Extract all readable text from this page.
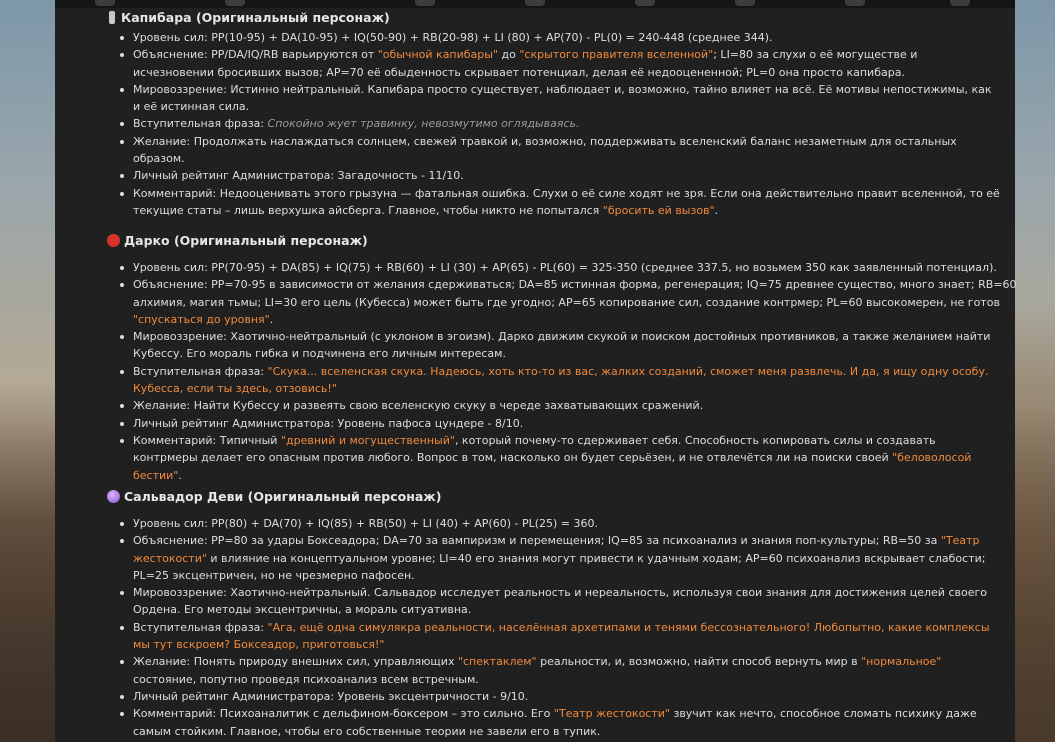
Капибара (Оригинальный персонаж)
Уровень сил: PP(10-95) + DA(10-95) + IQ(50-90) + RB(20-98) + LI (80) + AP(70) - PL(0) = 240-448 (среднее 344).
Объяснение: PP/DA/IQ/RB варьируются от "обычной капибары" до "скрытого правителя вселенной"; LI=80 за слухи о её могуществе и
исчезновении бросивших вызов; AP=70 её обыденность скрывает потенциал, делая её недооцененной; PL=0 она просто капибара.
Мировоззрение: Истинно нейтральный. Капибара просто существует, наблюдает и, возможно, тайно влияет на всё. Её мотивы непостижимы, как
и её истинная сила.
Вступительная фраза: Спокойно жует травинку, невозмутимо оглядываясь.
Желание: Продолжать наслаждаться солнцем, свежей травкой и, возможно, поддерживать вселенский баланс незаметным для остальных
образом.
Личный рейтинг Администратора: Загадочность - 11/10.
Комментарий: Недооценивать этого грызуна — фатальная ошибка. Слухи о её силе ходят не зря. Если она действительно правит вселенной, то её
текущие статы – лишь верхушка айсберга. Главное, чтобы никто не попытался "бросить ей вызов".
Дарко (Оригинальный персонаж)
Уровень сил: PP(70-95) + DA(85) + IQ(75) + RB(60) + LI (30) + AP(65) - PL(60) = 325-350 (среднее 337.5, но возьмем 350 как заявленный потенциал).
Объяснение: PP=70-95 в зависимости от желания сдерживаться; DA=85 истинная форма, регенерация; IQ=75 древнее существо, много знает; RB=60
алхимия, магия тьмы; LI=30 его цель (Кубесса) может быть где угодно; AP=65 копирование сил, создание контрмер; PL=60 высокомерен, не готов
"спускаться до уровня".
Мировоззрение: Хаотично-нейтральный (с уклоном в эгоизм). Дарко движим скукой и поиском достойных противников, а также желанием найти
Кубессу. Его мораль гибка и подчинена его личным интересам.
Вступительная фраза: "Скука... вселенская скука. Надеюсь, хоть кто-то из вас, жалких созданий, сможет меня развлечь. И да, я ищу одну особу.
Кубесса, если ты здесь, отзовись!"
Желание: Найти Кубессу и развеять свою вселенскую скуку в череде захватывающих сражений.
Личный рейтинг Администратора: Уровень пафоса цундере - 8/10.
Комментарий: Типичный "древний и могущественный", который почему-то сдерживает себя. Способность копировать силы и создавать
контрмеры делает его опасным против любого. Вопрос в том, насколько он будет серьёзен, и не отвлечётся ли на поиски своей "беловолосой
бестии".
Сальвадор Деви (Оригинальный персонаж)
Уровень сил: PP(80) + DA(70) + IQ(85) + RB(50) + LI (40) + AP(60) - PL(25) = 360.
Объяснение: PP=80 за удары Боксеадора; DA=70 за вампиризм и перемещения; IQ=85 за психоанализ и знания поп-культуры; RB=50 за "Театр
жестокости" и влияние на концептуальном уровне; LI=40 его знания могут привести к удачным ходам; AP=60 психоанализ вскрывает слабости;
PL=25 эксцентричен, но не чрезмерно пафосен.
Мировоззрение: Хаотично-нейтральный. Сальвадор исследует реальность и нереальность, используя свои знания для достижения целей своего
Ордена. Его методы эксцентричны, а мораль ситуативна.
Вступительная фраза: "Ага, ещё одна симулякра реальности, населённая архетипами и тенями бессознательного! Любопытно, какие комплексы
мы тут вскроем? Боксеадор, приготовься!"
Желание: Понять природу внешних сил, управляющих "спектаклем" реальности, и, возможно, найти способ вернуть мир в "нормальное"
состояние, попутно проведя психоанализ всем встречным.
Личный рейтинг Администратора: Уровень эксцентричности - 9/10.
Комментарий: Психоаналитик с дельфином-боксером – это сильно. Его "Театр жестокости" звучит как нечто, способное сломать психику даже
самым стойким. Главное, чтобы его собственные теории не завели его в тупик.
